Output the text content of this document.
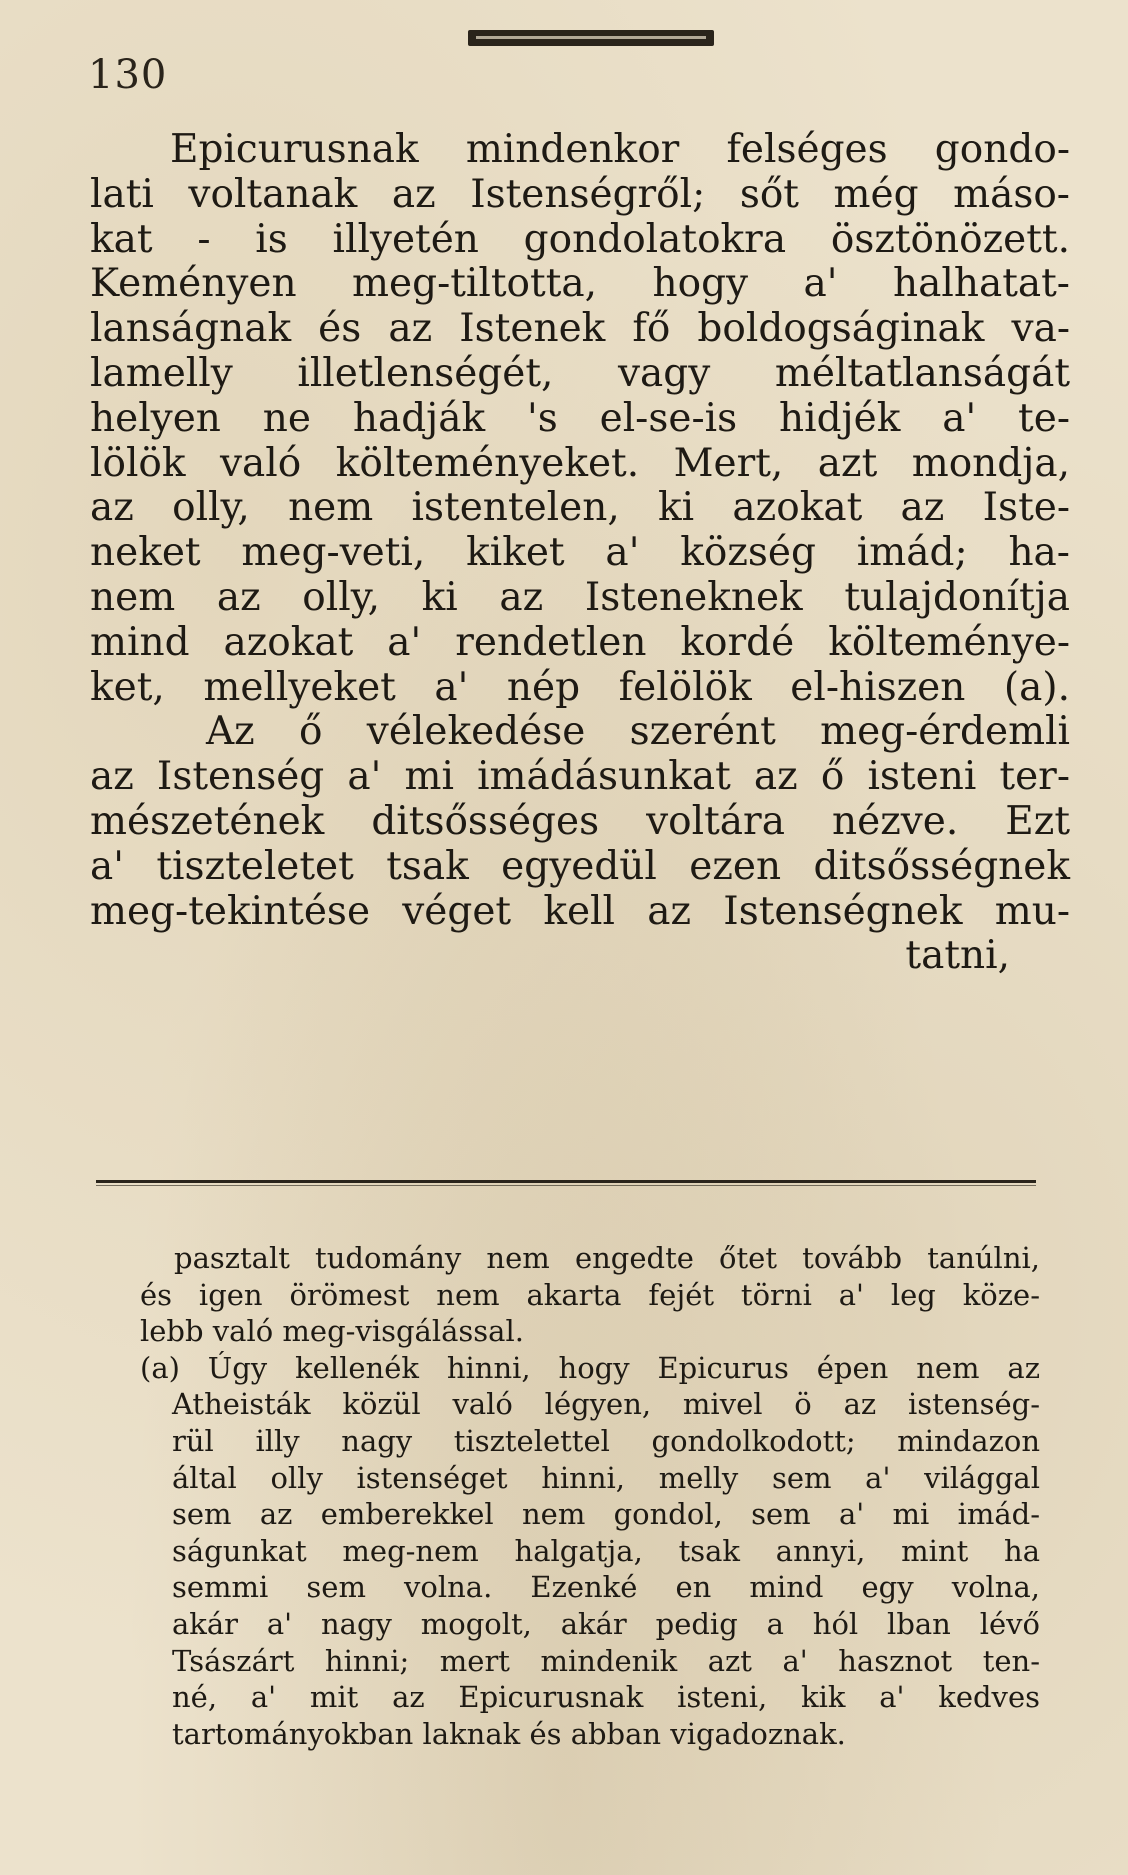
130
Epicurusnak mindenkor felséges gondo-
lati voltanak az Istenségről; sőt még máso-
kat - is illyetén gondolatokra ösztönözett.
Keményen meg-tiltotta, hogy a' halhatat-
lanságnak és az Istenek fő boldogságinak va-
lamelly illetlenségét, vagy méltatlanságát
helyen ne hadják 's el-se-is hidjék a' te-
lölök való költeményeket. Mert, azt mondja,
az olly, nem istentelen, ki azokat az Iste-
neket meg-veti, kiket a' község imád; ha-
nem az olly, ki az Isteneknek tulajdonítja
mind azokat a' rendetlen kordé költeménye-
ket, mellyeket a' nép felölök el-hiszen (a).
Az ő vélekedése szerént meg-érdemli
az Istenség a' mi imádásunkat az ő isteni ter-
mészetének ditsősséges voltára nézve. Ezt
a' tiszteletet tsak egyedül ezen ditsősségnek
meg-tekintése véget kell az Istenségnek mu-
tatni,
pasztalt tudomány nem engedte őtet tovább tanúlni,
és igen örömest nem akarta fejét törni a' leg köze-
lebb való meg-visgálással.
(a) Úgy kellenék hinni, hogy Epicurus épen nem az
Atheisták közül való légyen, mivel ö az istenség-
rül illy nagy tisztelettel gondolkodott; mindazon
által olly istenséget hinni, melly sem a' világgal
sem az emberekkel nem gondol, sem a' mi imád-
ságunkat meg-nem halgatja, tsak annyi, mint ha
semmi sem volna. Ezenké en mind egy volna,
akár a' nagy mogolt, akár pedig a hól lban lévő
Tsászárt hinni; mert mindenik azt a' hasznot ten-
né, a' mit az Epicurusnak isteni, kik a' kedves
tartományokban laknak és abban vigadoznak.
